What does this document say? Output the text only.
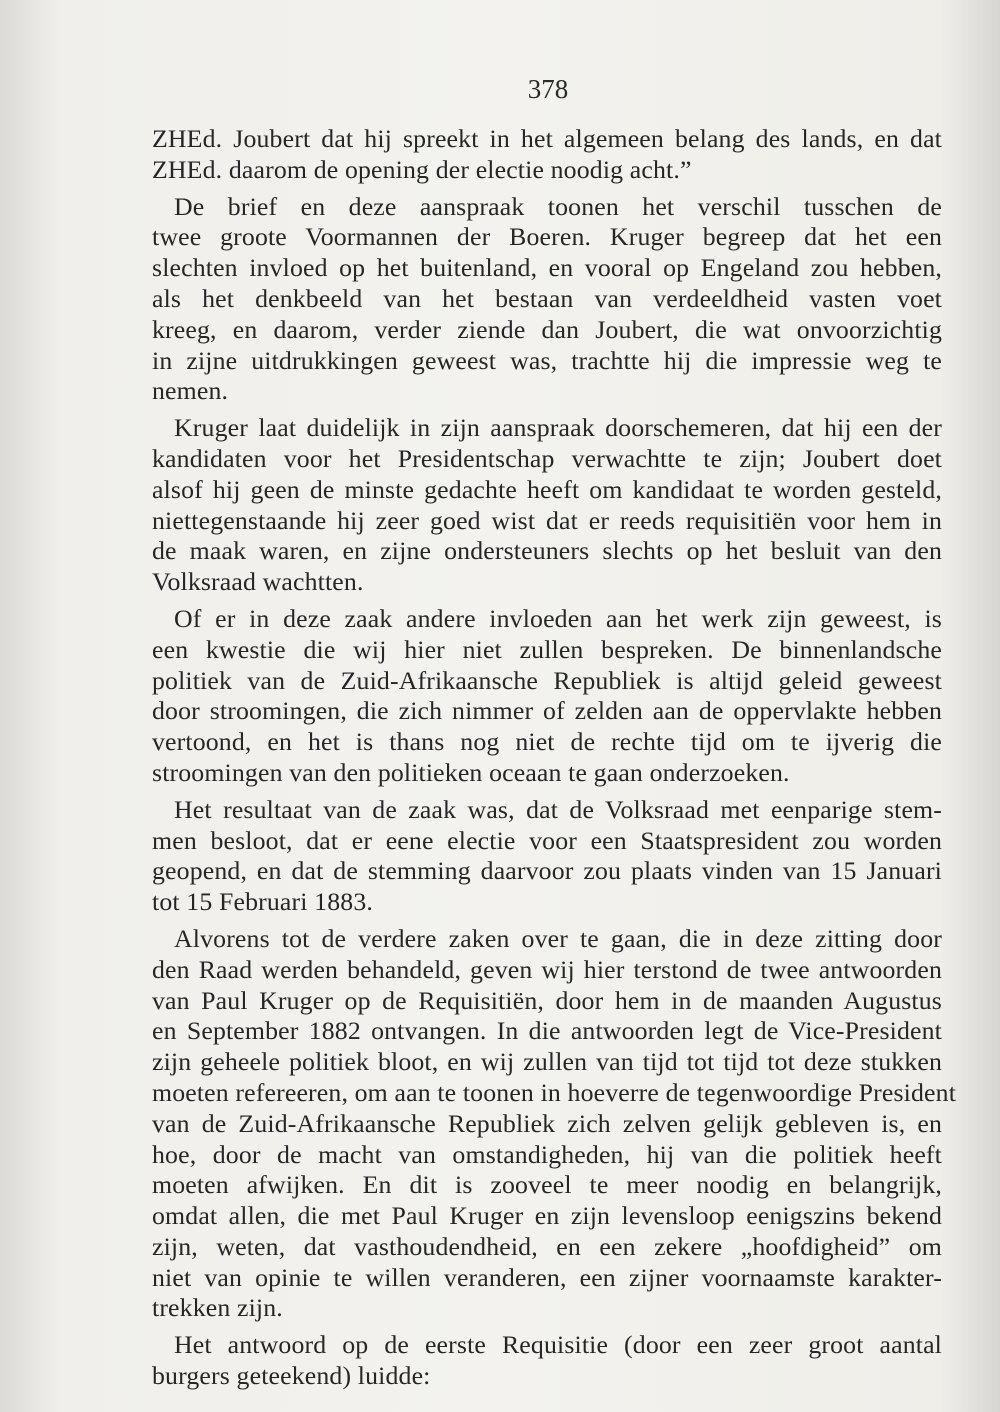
378
ZHEd. Joubert dat hij spreekt in het algemeen belang des lands, en dat
ZHEd. daarom de opening der electie noodig acht.”
De brief en deze aanspraak toonen het verschil tusschen de
twee groote Voormannen der Boeren. Kruger begreep dat het een
slechten invloed op het buitenland, en vooral op Engeland zou hebben,
als het denkbeeld van het bestaan van verdeeldheid vasten voet
kreeg, en daarom, verder ziende dan Joubert, die wat onvoorzichtig
in zijne uitdrukkingen geweest was, trachtte hij die impressie weg te
nemen.
Kruger laat duidelijk in zijn aanspraak doorschemeren, dat hij een der
kandidaten voor het Presidentschap verwachtte te zijn; Joubert doet
alsof hij geen de minste gedachte heeft om kandidaat te worden gesteld,
niettegenstaande hij zeer goed wist dat er reeds requisitiën voor hem in
de maak waren, en zijne ondersteuners slechts op het besluit van den
Volksraad wachtten.
Of er in deze zaak andere invloeden aan het werk zijn geweest, is
een kwestie die wij hier niet zullen bespreken. De binnenlandsche
politiek van de Zuid-Afrikaansche Republiek is altijd geleid geweest
door stroomingen, die zich nimmer of zelden aan de oppervlakte hebben
vertoond, en het is thans nog niet de rechte tijd om te ijverig die
stroomingen van den politieken oceaan te gaan onderzoeken.
Het resultaat van de zaak was, dat de Volksraad met eenparige stem-
men besloot, dat er eene electie voor een Staatspresident zou worden
geopend, en dat de stemming daarvoor zou plaats vinden van 15 Januari
tot 15 Februari 1883.
Alvorens tot de verdere zaken over te gaan, die in deze zitting door
den Raad werden behandeld, geven wij hier terstond de twee antwoorden
van Paul Kruger op de Requisitiën, door hem in de maanden Augustus
en September 1882 ontvangen. In die antwoorden legt de Vice-President
zijn geheele politiek bloot, en wij zullen van tijd tot tijd tot deze stukken
moeten refereeren, om aan te toonen in hoeverre de tegenwoordige President
van de Zuid-Afrikaansche Republiek zich zelven gelijk gebleven is, en
hoe, door de macht van omstandigheden, hij van die politiek heeft
moeten afwijken. En dit is zooveel te meer noodig en belangrijk,
omdat allen, die met Paul Kruger en zijn levensloop eenigszins bekend
zijn, weten, dat vasthoudendheid, en een zekere „hoofdigheid” om
niet van opinie te willen veranderen, een zijner voornaamste karakter-
trekken zijn.
Het antwoord op de eerste Requisitie (door een zeer groot aantal
burgers geteekend) luidde:
